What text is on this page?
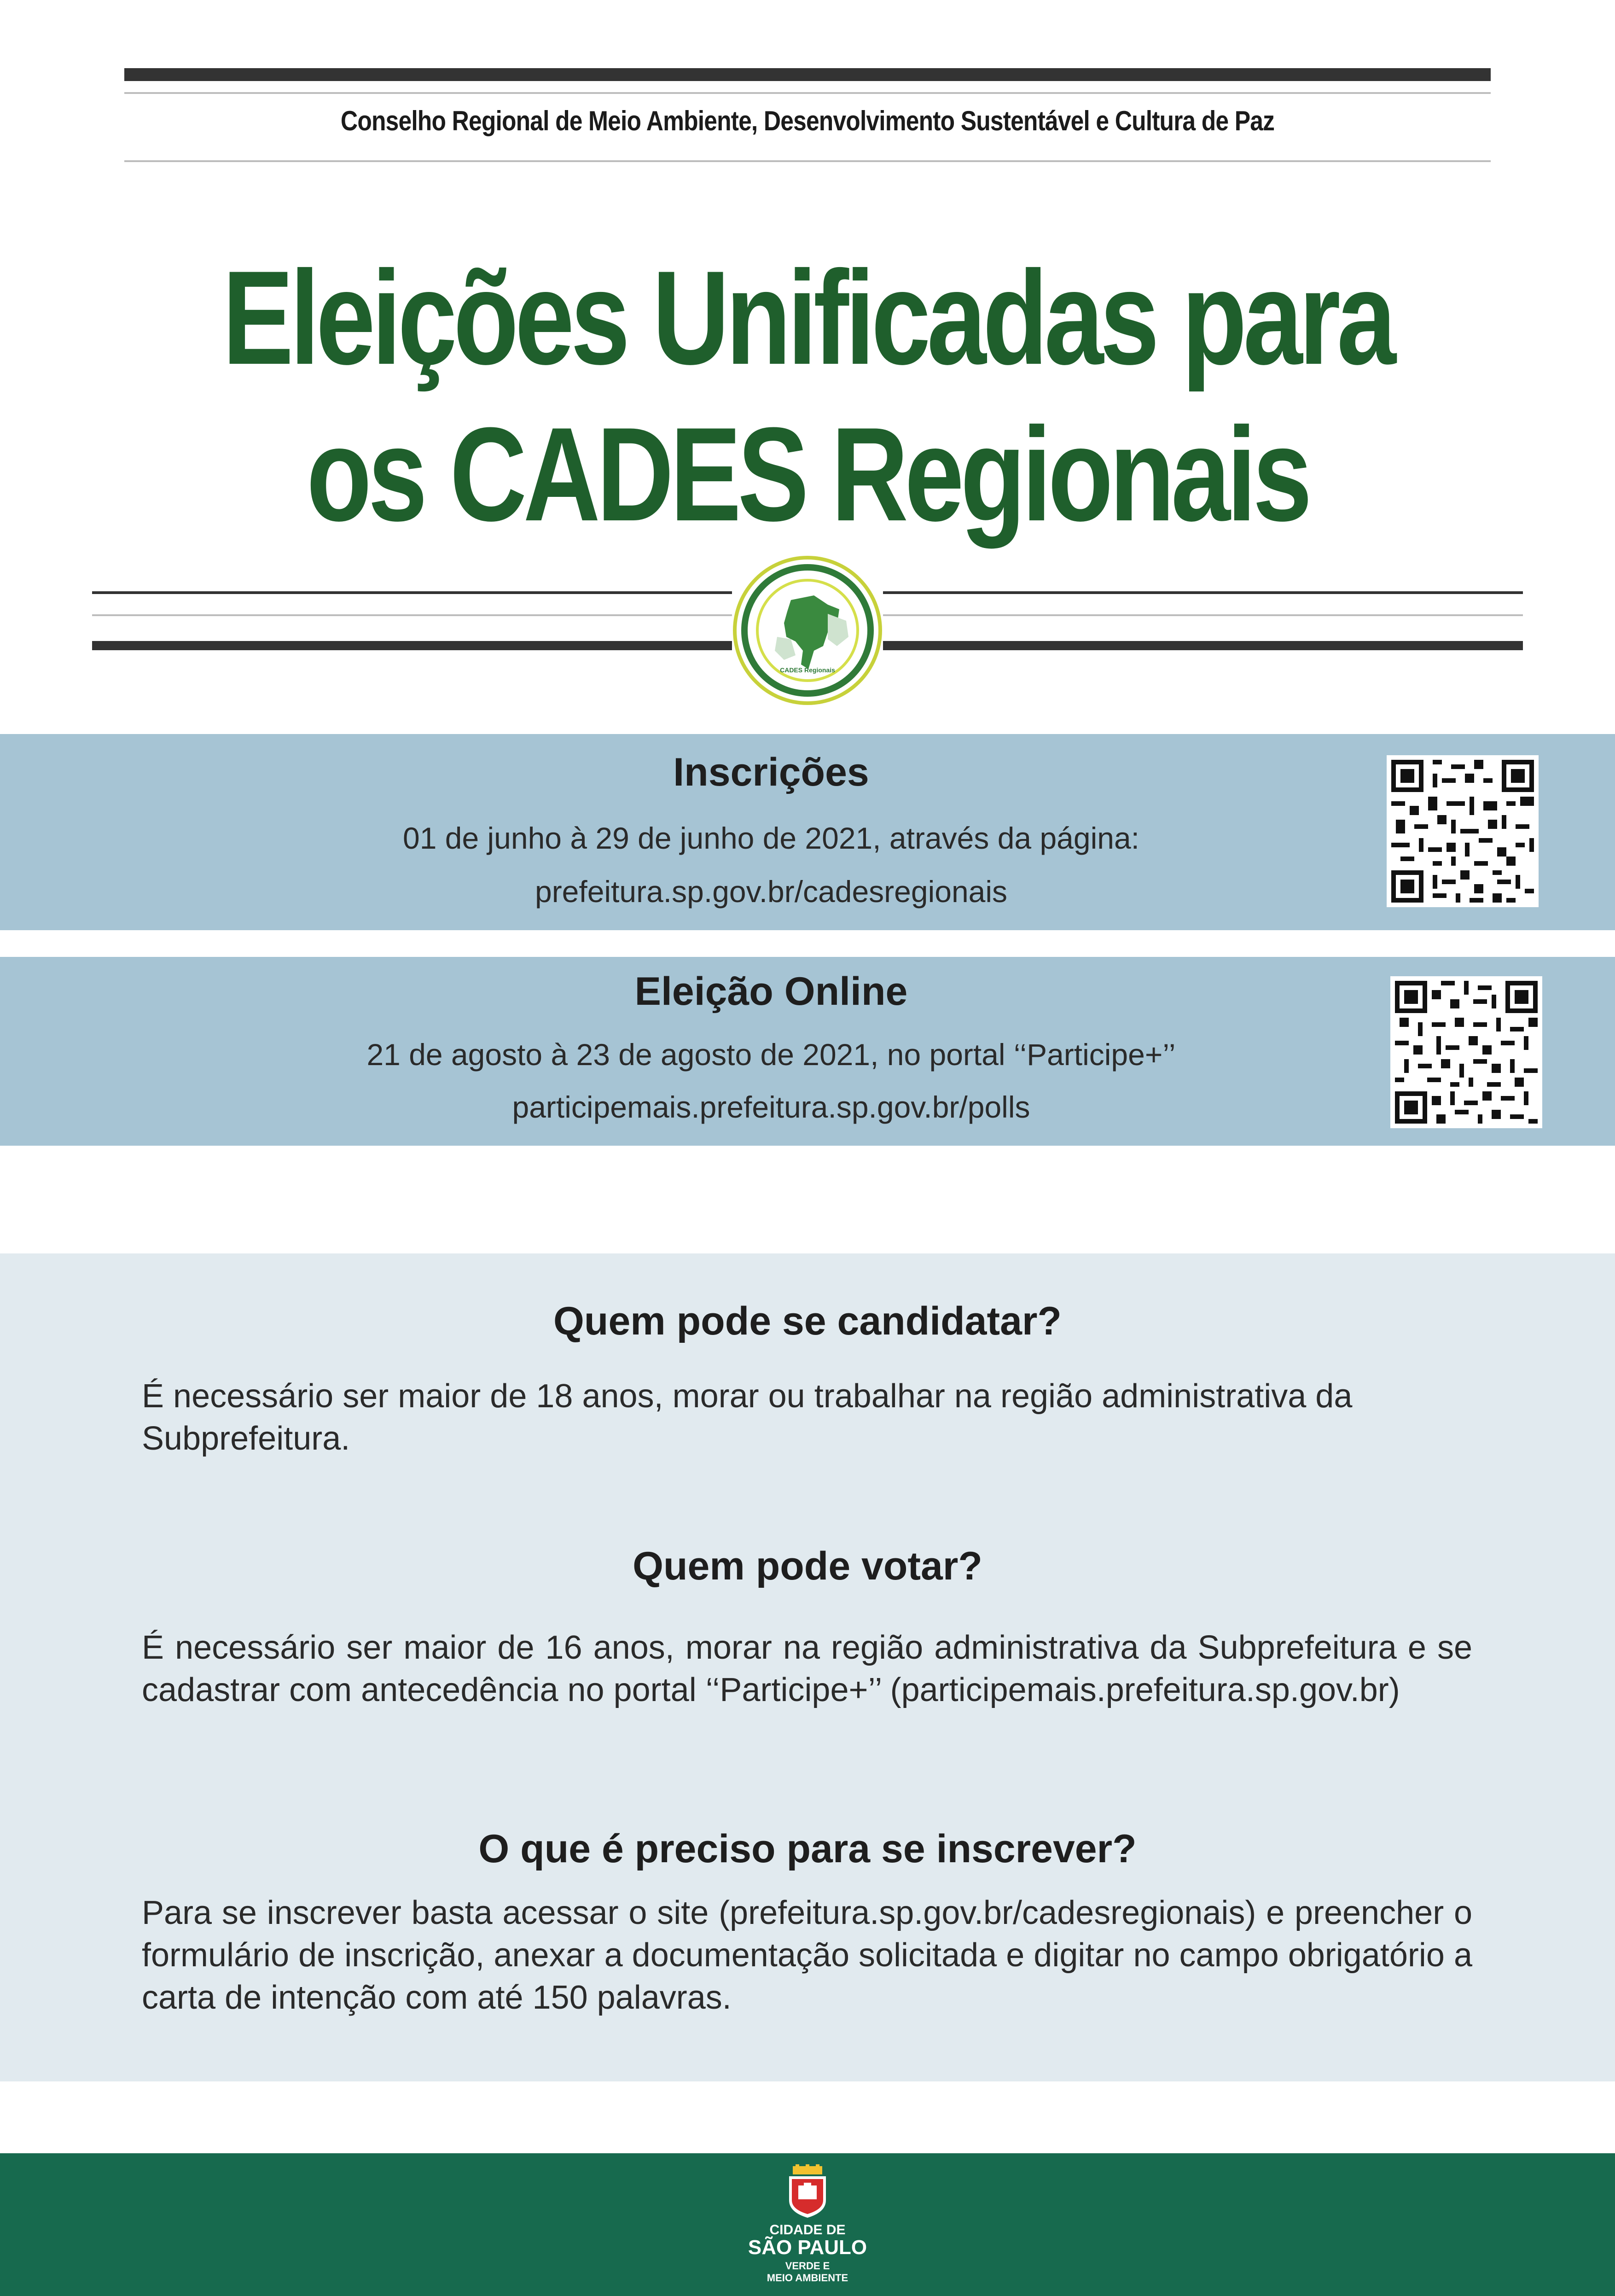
Conselho Regional de Meio Ambiente, Desenvolvimento Sustentável e Cultura de Paz
Eleições Unificadas para
os CADES Regionais
CADES Regionais
Inscrições
01 de junho à 29 de junho de 2021, através da página:
prefeitura.sp.gov.br/cadesregionais
Eleição Online
21 de agosto à 23 de agosto de 2021, no portal ‘‘Participe+’’
participemais.prefeitura.sp.gov.br/polls
Quem pode se candidatar?
É necessário ser maior de 18 anos, morar ou trabalhar na região administrativa da Subprefeitura.
Quem pode votar?
É necessário ser maior de 16 anos, morar na região administrativa da Subprefeitura e se cadastrar com antecedência no portal ‘‘Participe+’’ (participemais.prefeitura.sp.gov.br)
O que é preciso para se inscrever?
Para se inscrever basta acessar o site (prefeitura.sp.gov.br/cadesregionais) e preencher o formulário de inscrição, anexar a documentação solicitada e digitar no campo obrigatório a carta de intenção com até 150 palavras.
CIDADE DE
SÃO PAULO
VERDE E
MEIO AMBIENTE
